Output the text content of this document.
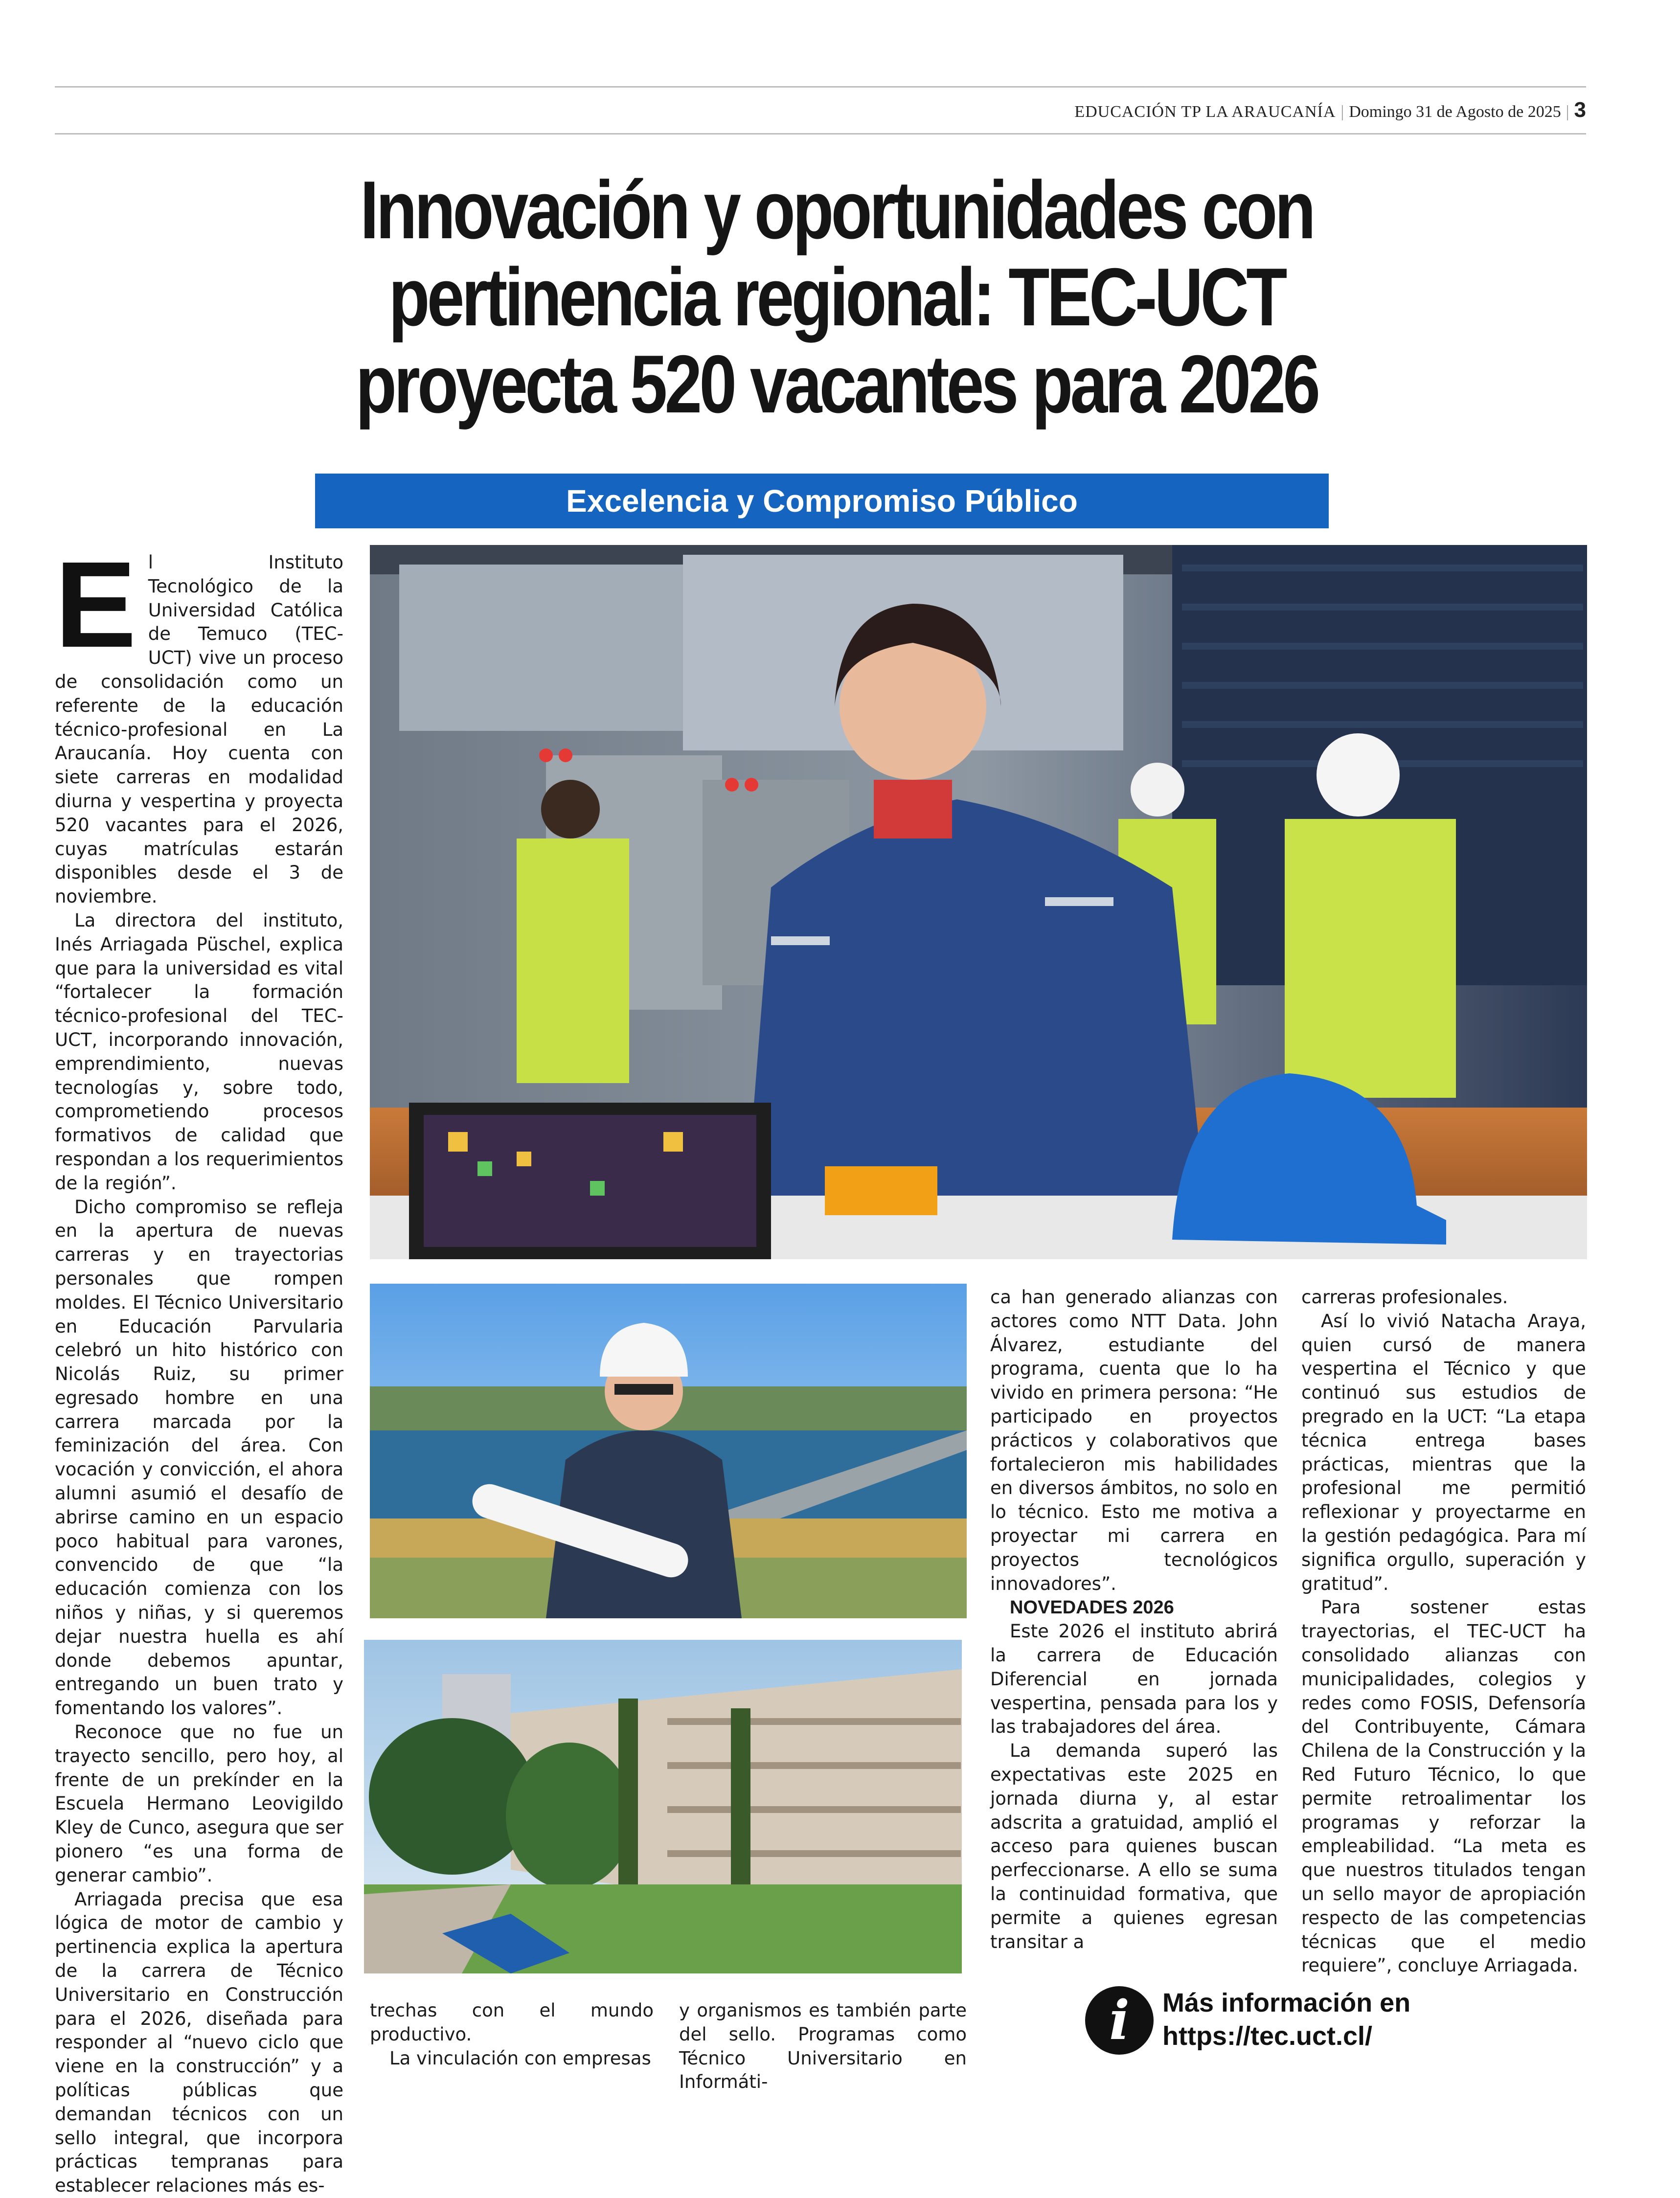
EDUCACIÓN TP LA ARAUCANÍA | Domingo 31 de Agosto de 2025 | 3
Innovación y oportunidades con
pertinencia regional: TEC-UCT
proyecta 520 vacantes para 2026
Excelencia y Compromiso Público

El Instituto Tecnológico de la Universidad Católica de Temuco (TEC-UCT) vive un proceso de consolidación como un referente de la educación técnico-profesional en La Araucanía. Hoy cuenta con siete carreras en modalidad diurna y vespertina y proyecta 520 vacantes para el 2026, cuyas matrículas estarán disponibles desde el 3 de noviembre.

La directora del instituto, Inés Arriagada Püschel, explica que para la universidad es vital “fortalecer la formación técnico-profesional del TEC-UCT, incorporando innovación, emprendimiento, nuevas tecnologías y, sobre todo, comprometiendo procesos formativos de calidad que respondan a los requerimientos de la región”.

Dicho compromiso se refleja en la apertura de nuevas carreras y en trayectorias personales que rompen moldes. El Técnico Universitario en Educación Parvularia celebró un hito histórico con Nicolás Ruiz, su primer egresado hombre en una carrera marcada por la feminización del área. Con vocación y convicción, el ahora alumni asumió el desafío de abrirse camino en un espacio poco habitual para varones, convencido de que “la educación comienza con los niños y niñas, y si queremos dejar nuestra huella es ahí donde debemos apuntar, entregando un buen trato y fomentando los valores”.

Reconoce que no fue un trayecto sencillo, pero hoy, al frente de un prekínder en la Escuela Hermano Leovigildo Kley de Cunco, asegura que ser pionero “es una forma de generar cambio”.

Arriagada precisa que esa lógica de motor de cambio y pertinencia explica la apertura de la carrera de Técnico Universitario en Construcción para el 2026, diseñada para responder al “nuevo ciclo que viene en la construcción” y a políticas públicas que demandan técnicos con un sello integral, que incorpora prácticas tempranas para establecer relaciones más es-

trechas con el mundo productivo.

La vinculación con empresas

y organismos es también parte del sello. Programas como Técnico Universitario en Informáti-

ca han generado alianzas con actores como NTT Data. John Álvarez, estudiante del programa, cuenta que lo ha vivido en primera persona: “He participado en proyectos prácticos y colaborativos que fortalecieron mis habilidades en diversos ámbitos, no solo en lo técnico. Esto me motiva a proyectar mi carrera en proyectos tecnológicos innovadores”.

NOVEDADES 2026

Este 2026 el instituto abrirá la carrera de Educación Diferencial en jornada vespertina, pensada para los y las trabajadores del área.

La demanda superó las expectativas este 2025 en jornada diurna y, al estar adscrita a gratuidad, amplió el acceso para quienes buscan perfeccionarse. A ello se suma la continuidad formativa, que permite a quienes egresan transitar a

carreras profesionales.

Así lo vivió Natacha Araya, quien cursó de manera vespertina el Técnico y que continuó sus estudios de pregrado en la UCT: “La etapa técnica entrega bases prácticas, mientras que la profesional me permitió reflexionar y proyectarme en la gestión pedagógica. Para mí significa orgullo, superación y gratitud”.

Para sostener estas trayectorias, el TEC-UCT ha consolidado alianzas con municipalidades, colegios y redes como FOSIS, Defensoría del Contribuyente, Cámara Chilena de la Construcción y la Red Futuro Técnico, lo que permite retroalimentar los programas y reforzar la empleabilidad. “La meta es que nuestros titulados tengan un sello mayor de apropiación respecto de las competencias técnicas que el medio requiere”, concluye Arriagada.

i	Más información en
https://tec.uct.cl/
